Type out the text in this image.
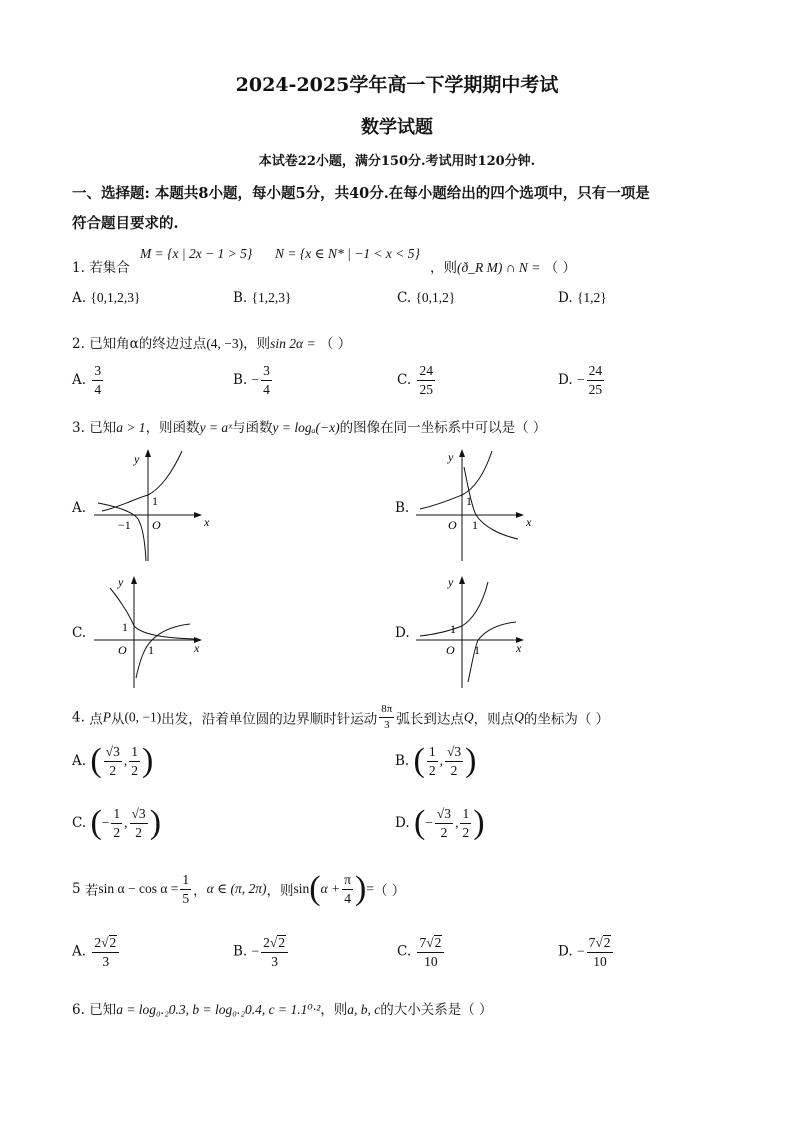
2024-2025学年高一下学期期中考试
数学试题
本试卷22小题，满分150分.考试用时120分钟.
一、选择题: 本题共8小题，每小题5分，共40分.在每小题给出的四个选项中，只有一项是
符合题目要求的.
1. 若集合
M = {x | 2x − 1 > 5} N = {x ∈ N* | −1 < x < 5}
，则(ð_R M) ∩ N = （ ）
A. {0,1,2,3}	B. {1,2,3}	C. {0,1,2}	D. {1,2}
2. 已知角α的终边过点(4, −3)，则sin 2α = （ ）
A. $\frac{3}{4}$	B. − $\frac{3}{4}$	C. $\frac{24}{25}$	D. − $\frac{24}{25}$
3. 已知a > 1，则函数y = aˣ与函数y = logₐ(−x)的图像在同一坐标系中可以是（ ）
A.
y
x
O
1
−1
B.
y
x
O
1
1
C.
y
x
O
1
1
D.
y
x
O
1
1
4. 点P从(0, −1)出发，沿着单位圆的边界顺时针运动 $\frac{8\pi}{3}$ 弧长到达点Q，则点Q的坐标为（ ）
A. ( $\frac{√3}{2}$ , $\frac{1}{2}$ )	B. ( $\frac{1}{2}$ , $\frac{√3}{2}$ )
C. (− $\frac{1}{2}$ , $\frac{√3}{2}$ )	D. (− $\frac{√3}{2}$ , $\frac{1}{2}$ )
5 若$\sin \alpha - \cos \alpha = \frac{1}{5}$ ，α ∈ (π, 2π)，则$\sin(\alpha + \frac{\pi}{4}$ )=（ ）
A. $\frac{2√ 2}{3}$	B. − $\frac{2√ 2}{3}$	C. $\frac{7√ 2}{10}$	D. − $\frac{7√ 2}{10}$
6. 已知a = log₀.₂0.3, b = log₀.₂0.4, c = 1.1⁰·²，则a, b, c的大小关系是（ ）
